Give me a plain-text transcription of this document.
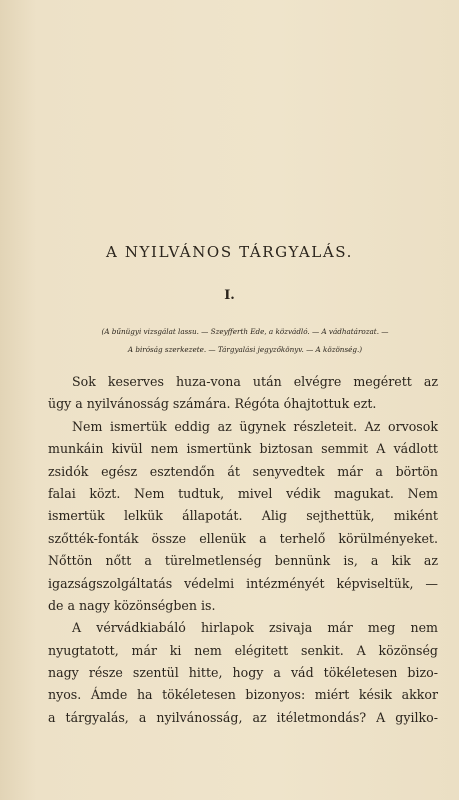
A NYILVÁNOS TÁRGYALÁS.
I.
(A bűnügyi vizsgálat lassu. — Szeyfferth Ede, a közvádló. — A vádhatározat. —
A biróság szerkezete. — Tárgyalási jegyzőkönyv. — A közönség.)
Sok keserves huza-vona után elvégre megérett az
ügy a nyilvánosság számára. Régóta óhajtottuk ezt.
Nem ismertük eddig az ügynek részleteit. Az orvosok
munkáin kivül nem ismertünk biztosan semmit A vádlott
zsidók egész esztendőn át senyvedtek már a börtön
falai közt. Nem tudtuk, mivel védik magukat. Nem
ismertük lelkük állapotát. Alig sejthettük, miként
szőtték-fonták össze ellenük a terhelő körülményeket.
Nőttön nőtt a türelmetlenség bennünk is, a kik az
igazságszolgáltatás védelmi intézményét képviseltük, —
de a nagy közönségben is.
A vérvádkiabáló hirlapok zsivaja már meg nem
nyugtatott, már ki nem elégitett senkit. A közönség
nagy része szentül hitte, hogy a vád tökéletesen bizo-
nyos. Ámde ha tökéletesen bizonyos: miért késik akkor
a tárgyalás, a nyilvánosság, az itéletmondás? A gyilko-
